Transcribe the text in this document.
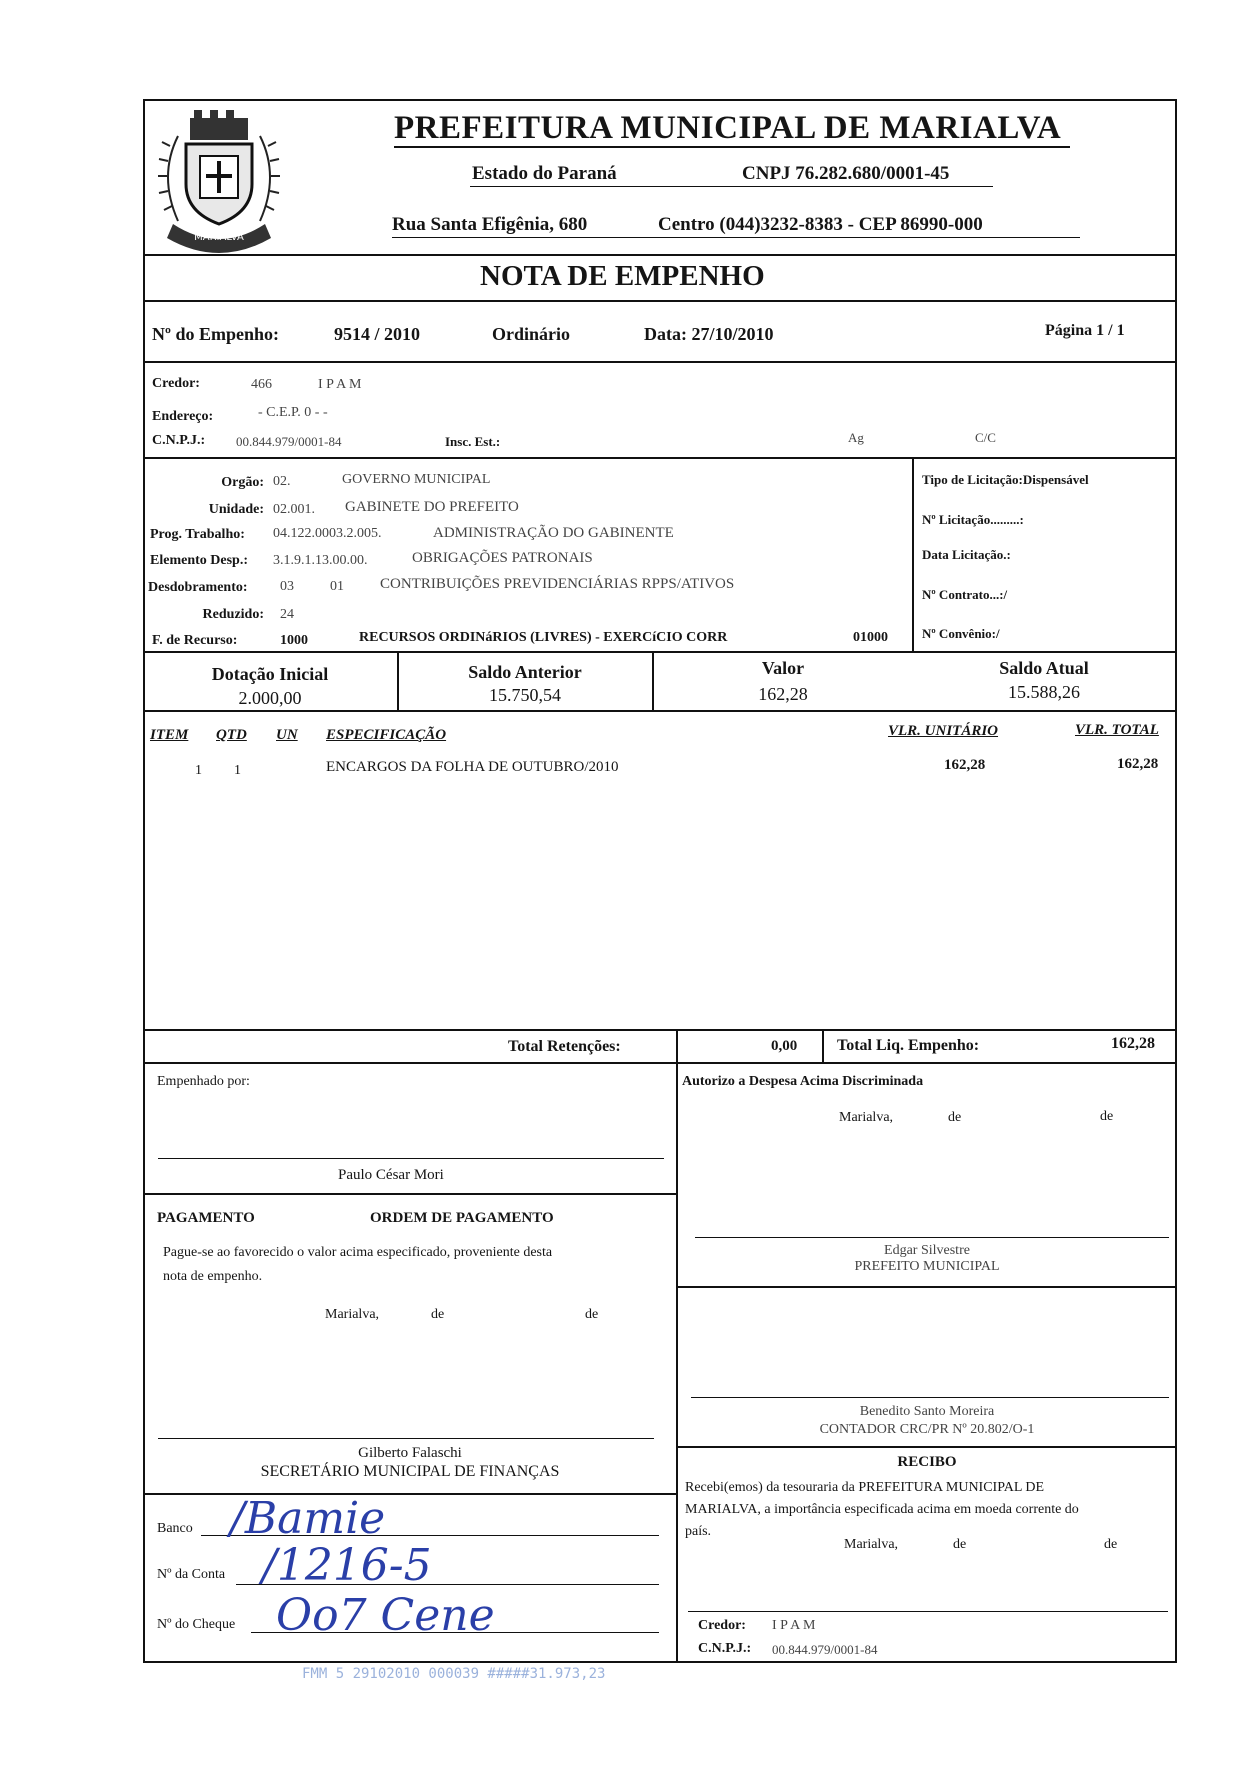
MARIALVA
PREFEITURA MUNICIPAL DE MARIALVA
Estado do Paraná	CNPJ 76.282.680/0001-45
Rua Santa Efigênia, 680	Centro (044)3232-8383 - CEP 86990-000
NOTA DE EMPENHO
Nº do Empenho:	9514 / 2010	Ordinário	Data: 27/10/2010	Página 1 / 1
Credor:	466	I P A M
Endereço:	- C.E.P. 0 - -
C.N.P.J.: 00.844.979/0001-84	Insc. Est.:	Ag	C/C
Orgão: 02.	GOVERNO MUNICIPAL
Unidade: 02.001. GABINETE DO PREFEITO
Prog. Trabalho: 04.122.0003.2.005.	ADMINISTRAÇÃO DO GABINENTE
Elemento Desp.: 3.1.9.1.13.00.00.	OBRIGAÇÕES PATRONAIS
Desdobramento: 03	01 CONTRIBUIÇÕES PREVIDENCIÁRIAS RPPS/ATIVOS
Reduzido: 24
F. de Recurso:	1000	RECURSOS ORDINáRIOS (LIVRES) - EXERCíCIO CORR	01000
Tipo de Licitação:Dispensável
Nº Licitação.........:
Data Licitação.:
Nº Contrato...:/
Nº Convênio:/
Dotação Inicial
2.000,00
Saldo Anterior
15.750,54
Valor
162,28
Saldo Atual
15.588,26
ITEM QTD UN ESPECIFICAÇÃO	VLR. UNITÁRIO	VLR. TOTAL
1 1	ENCARGOS DA FOLHA DE OUTUBRO/2010	162,28	162,28
Total Retenções:	0,00 Total Liq. Empenho:	162,28
Empenhado por:
Paulo César Mori
Autorizo a Despesa Acima Discriminada
Marialva,	de	de
Edgar Silvestre
PREFEITO MUNICIPAL
Benedito Santo Moreira
CONTADOR CRC/PR Nº 20.802/O-1
PAGAMENTO	ORDEM DE PAGAMENTO
Pague-se ao favorecido o valor acima especificado, proveniente desta
nota de empenho.
Marialva,	de	de
Gilberto Falaschi
SECRETÁRIO MUNICIPAL DE FINANÇAS
Banco /Bamie
Nº da Conta /1216-5
Nº do Cheque Oo7 Cene
RECIBO
Recebi(emos) da tesouraria da PREFEITURA MUNICIPAL DE
MARIALVA, a importância especificada acima em moeda corrente do
país.
Marialva,	de	de
Credor: I P A M
C.N.P.J.: 00.844.979/0001-84
FMM 5 29102010 000039 #####31.973,23
